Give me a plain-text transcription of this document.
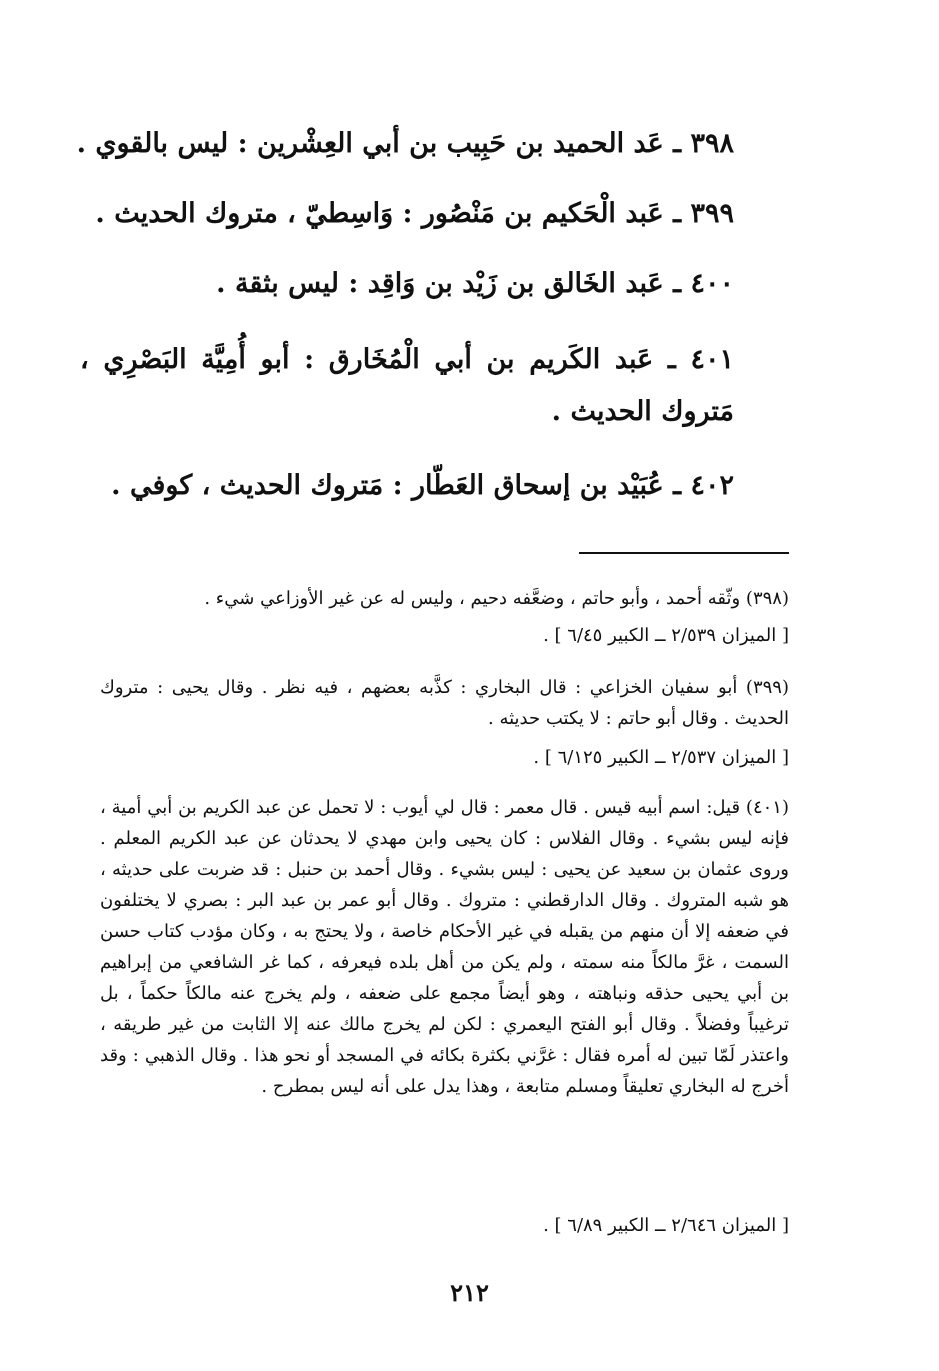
٣٩٨ ـ عَد الحميد بن حَبِيب بن أبي العِشْرين : ليس بالقوي .
٣٩٩ ـ عَبد الْحَكيم بن مَنْصُور : وَاسِطيّ ، متروك الحديث .
٤٠٠ ـ عَبد الخَالق بن زَيْد بن وَاقِد : ليس بثقة .
٤٠١ ـ عَبد الكَريم بن أبي الْمُخَارق : أبو أُمِيَّة البَصْرِي ، مَتروك الحديث .
٤٠٢ ـ عُبَيْد بن إسحاق العَطّار : مَتروك الحديث ، كوفي .
(٣٩٨) وثّقه أحمد ، وأبو حاتم ، وضعَّفه دحيم ، وليس له عن غير الأوزاعي شيء .
[ الميزان ٢/٥٣٩ ــ الكبير ٦/٤٥ ] .
(٣٩٩) أبو سفيان الخزاعي : قال البخاري : كذَّبه بعضهم ، فيه نظر . وقال يحيى : متروك الحديث . وقال أبو حاتم : لا يكتب حديثه .
[ الميزان ٢/٥٣٧ ــ الكبير ٦/١٢٥ ] .
(٤٠١) قيل: اسم أبيه قيس . قال معمر : قال لي أيوب : لا تحمل عن عبد الكريم بن أبي أمية ، فإنه ليس بشيء . وقال الفلاس : كان يحيى وابن مهدي لا يحدثان عن عبد الكريم المعلم . وروى عثمان بن سعيد عن يحيى : ليس بشيء . وقال أحمد بن حنبل : قد ضربت على حديثه ، هو شبه المتروك . وقال الدارقطني : متروك . وقال أبو عمر بن عبد البر : بصري لا يختلفون في ضعفه إلا أن منهم من يقبله في غير الأحكام خاصة ، ولا يحتج به ، وكان مؤدب كتاب حسن السمت ، غرَّ مالكاً منه سمته ، ولم يكن من أهل بلده فيعرفه ، كما غر الشافعي من إبراهيم بن أبي يحيى حذقه ونباهته ، وهو أيضاً مجمع على ضعفه ، ولم يخرج عنه مالكاً حكماً ، بل ترغيباً وفضلاً . وقال أبو الفتح اليعمري : لكن لم يخرج مالك عنه إلا الثابت من غير طريقه ، واعتذر لَمّا تبين له أمره فقال : غرَّني بكثرة بكائه في المسجد أو نحو هذا . وقال الذهبي : وقد أخرج له البخاري تعليقاً ومسلم متابعة ، وهذا يدل على أنه ليس بمطرح .
[ الميزان ٢/٦٤٦ ــ الكبير ٦/٨٩ ] .
٢١٢
